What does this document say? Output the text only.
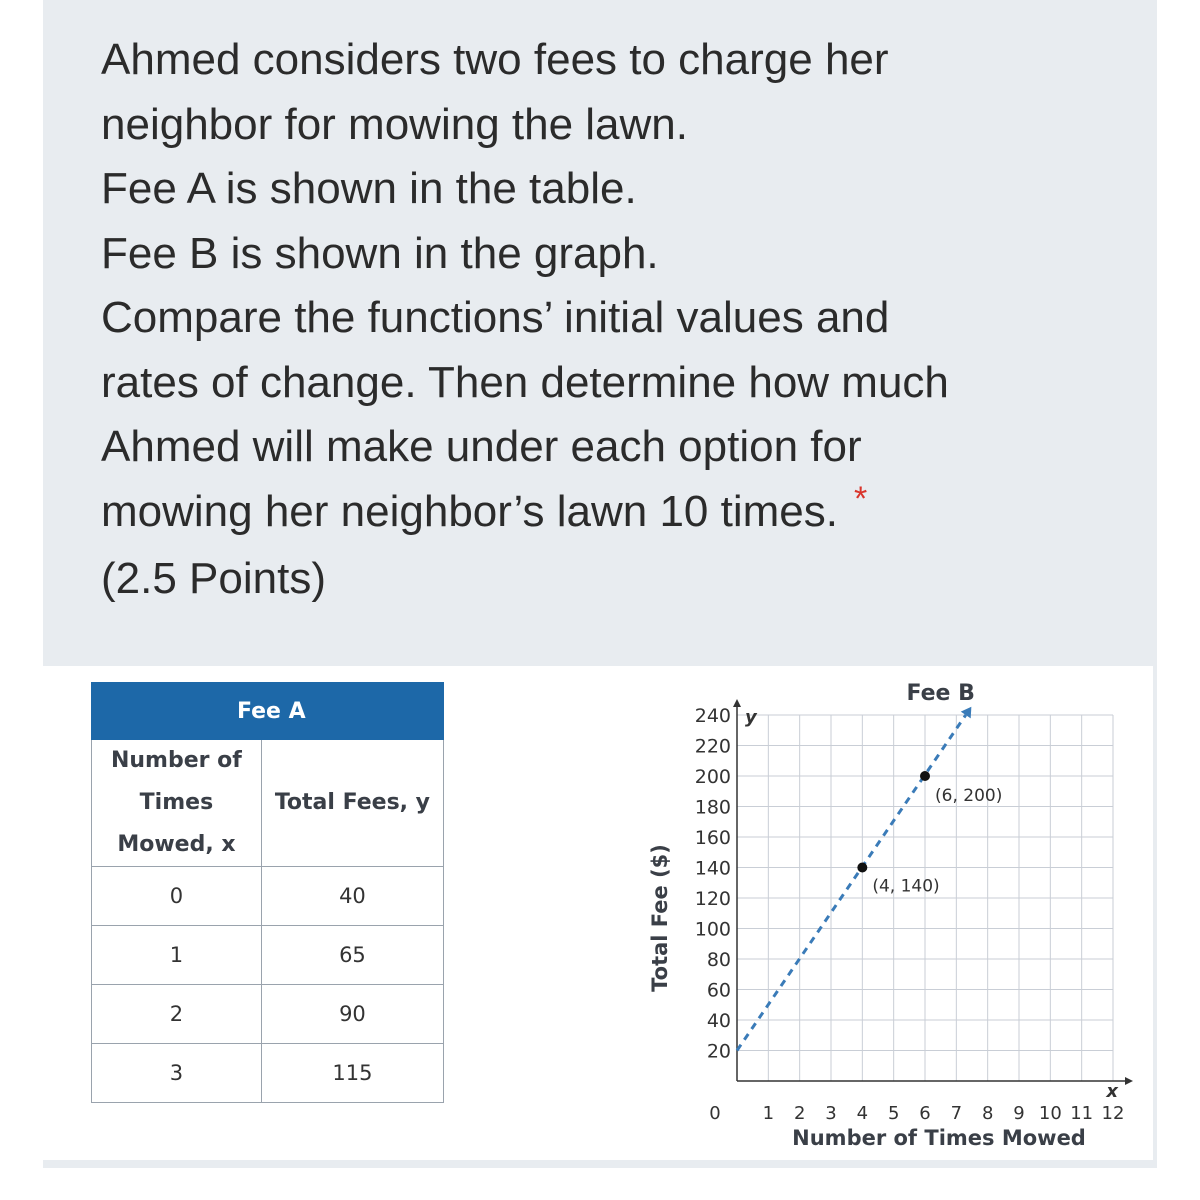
Ahmed considers two fees to charge her
neighbor for mowing the lawn.
Fee A is shown in the table.
Fee B is shown in the graph.
Compare the functions’ initial values and
rates of change. Then determine how much
Ahmed will make under each option for
mowing her neighbor’s lawn 10 times. *
(2.5 Points)
Fee A	

Number of
Times
Mowed, x	Total Fees, y
0	40
1	65
2	90
3	115
1 2 3 4 5 6 7 8 9 10 11 12
20
40
60
80
100
120
140
160
180
200
220
240
0
x
y
Fee B
Number of Times Mowed
Total Fee ($)	(4, 140)
(6, 200)
